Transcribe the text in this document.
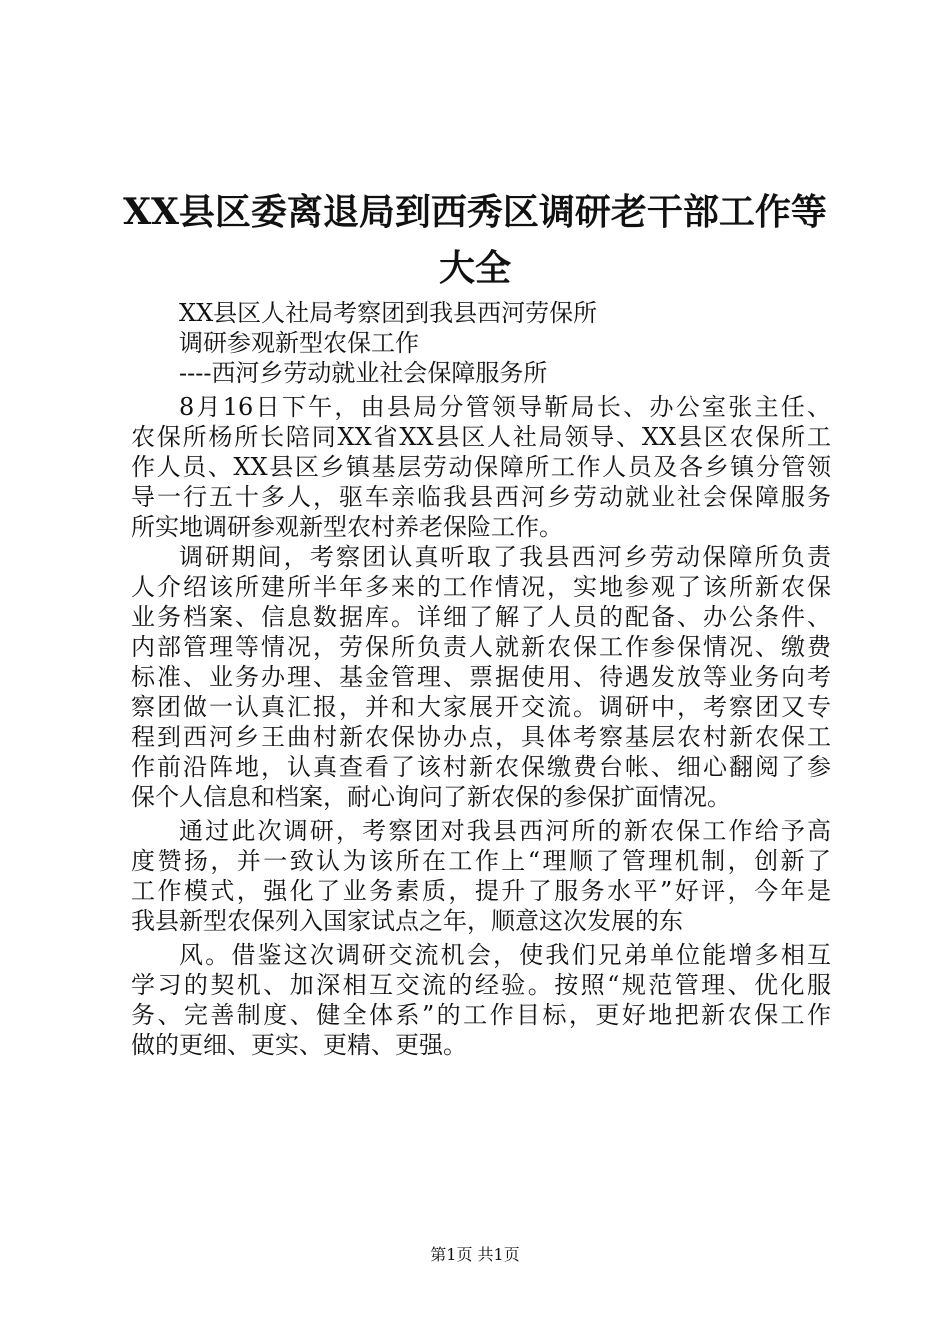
XX县区委离退局到西秀区调研老干部工作等
大全
XX县区人社局考察团到我县西河劳保所
调研参观新型农保工作
----西河乡劳动就业社会保障服务所
8月16日下午，由县局分管领导靳局长、办公室张主任、
农保所杨所长陪同XX省XX县区人社局领导、XX县区农保所工
作人员、XX县区乡镇基层劳动保障所工作人员及各乡镇分管领
导一行五十多人，驱车亲临我县西河乡劳动就业社会保障服务
所实地调研参观新型农村养老保险工作。
调研期间，考察团认真听取了我县西河乡劳动保障所负责
人介绍该所建所半年多来的工作情况，实地参观了该所新农保
业务档案、信息数据库。详细了解了人员的配备、办公条件、
内部管理等情况，劳保所负责人就新农保工作参保情况、缴费
标准、业务办理、基金管理、票据使用、待遇发放等业务向考
察团做一认真汇报，并和大家展开交流。调研中，考察团又专
程到西河乡王曲村新农保协办点，具体考察基层农村新农保工
作前沿阵地，认真查看了该村新农保缴费台帐、细心翻阅了参
保个人信息和档案，耐心询问了新农保的参保扩面情况。
通过此次调研，考察团对我县西河所的新农保工作给予高
度赞扬，并一致认为该所在工作上“理顺了管理机制，创新了
工作模式，强化了业务素质，提升了服务水平”好评，今年是
我县新型农保列入国家试点之年，顺意这次发展的东
风。借鉴这次调研交流机会，使我们兄弟单位能增多相互
学习的契机、加深相互交流的经验。按照“规范管理、优化服
务、完善制度、健全体系”的工作目标，更好地把新农保工作
做的更细、更实、更精、更强。
第1页 共1页
